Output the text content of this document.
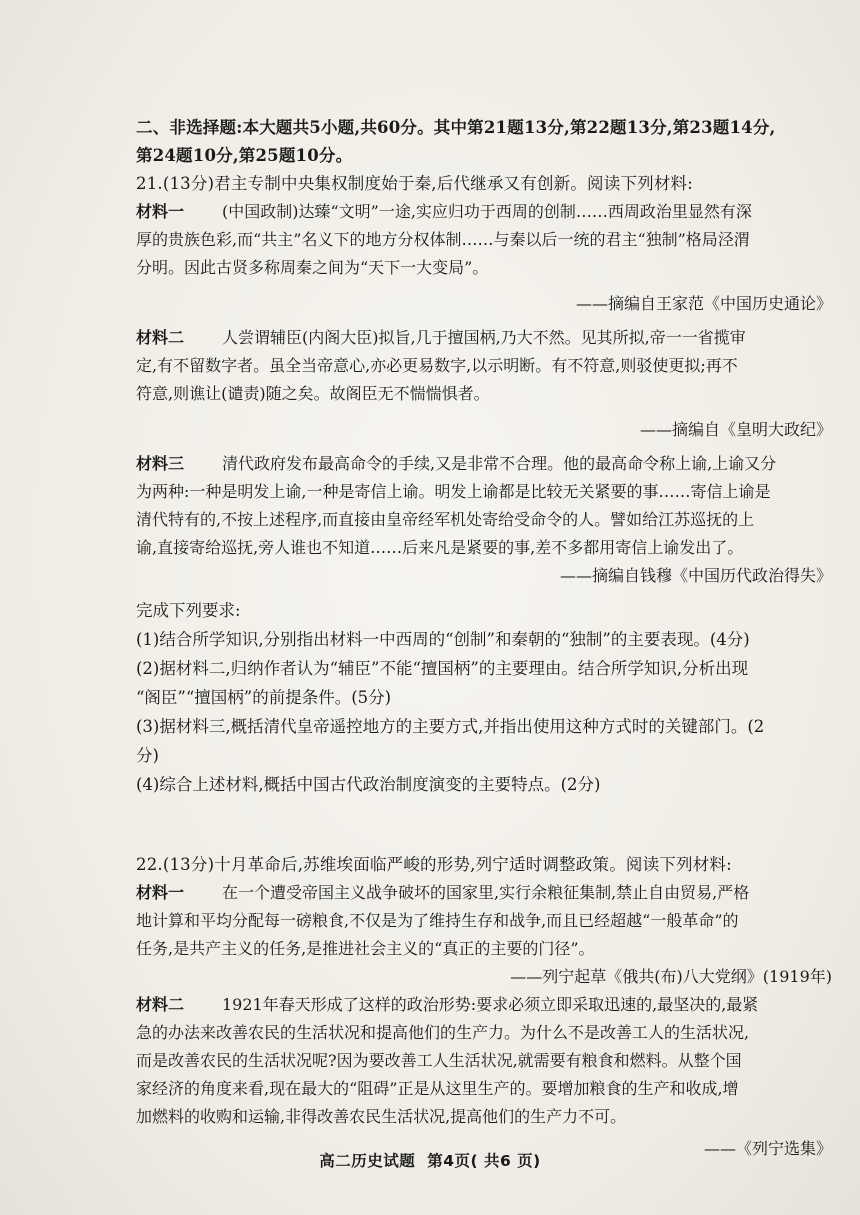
二、非选择题:本大题共5小题,共60分。其中第21题13分,第22题13分,第23题14分,
第24题10分,第25题10分。
21.(13分)君主专制中央集权制度始于秦,后代继承又有创新。阅读下列材料:
材料一 (中国政制)达臻“文明”一途,实应归功于西周的创制……西周政治里显然有深
厚的贵族色彩,而“共主”名义下的地方分权体制……与秦以后一统的君主“独制”格局泾渭
分明。因此古贤多称周秦之间为“天下一大变局”。
——摘编自王家范《中国历史通论》
材料二 人尝谓辅臣(内阁大臣)拟旨,几于擅国柄,乃大不然。见其所拟,帝一一省揽审
定,有不留数字者。虽全当帝意心,亦必更易数字,以示明断。有不符意,则驳使更拟;再不
符意,则谯让(谴责)随之矣。故阁臣无不惴惴惧者。
——摘编自《皇明大政纪》
材料三 清代政府发布最高命令的手续,又是非常不合理。他的最高命令称上谕,上谕又分
为两种:一种是明发上谕,一种是寄信上谕。明发上谕都是比较无关紧要的事……寄信上谕是
清代特有的,不按上述程序,而直接由皇帝经军机处寄给受命令的人。譬如给江苏巡抚的上
谕,直接寄给巡抚,旁人谁也不知道……后来凡是紧要的事,差不多都用寄信上谕发出了。
——摘编自钱穆《中国历代政治得失》
完成下列要求:
(1)结合所学知识,分别指出材料一中西周的“创制”和秦朝的“独制”的主要表现。(4分)
(2)据材料二,归纳作者认为“辅臣”不能“擅国柄”的主要理由。结合所学知识,分析出现
“阁臣”“擅国柄”的前提条件。(5分)
(3)据材料三,概括清代皇帝遥控地方的主要方式,并指出使用这种方式时的关键部门。(2
分)
(4)综合上述材料,概括中国古代政治制度演变的主要特点。(2分)
22.(13分)十月革命后,苏维埃面临严峻的形势,列宁适时调整政策。阅读下列材料:
材料一 在一个遭受帝国主义战争破坏的国家里,实行余粮征集制,禁止自由贸易,严格
地计算和平均分配每一磅粮食,不仅是为了维持生存和战争,而且已经超越“一般革命”的
任务,是共产主义的任务,是推进社会主义的“真正的主要的门径”。
——列宁起草《俄共(布)八大党纲》(1919年)
材料二 1921年春天形成了这样的政治形势:要求必须立即采取迅速的,最坚决的,最紧
急的办法来改善农民的生活状况和提高他们的生产力。为什么不是改善工人的生活状况,
而是改善农民的生活状况呢?因为要改善工人生活状况,就需要有粮食和燃料。从整个国
家经济的角度来看,现在最大的“阻碍”正是从这里生产的。要增加粮食的生产和收成,增
加燃料的收购和运输,非得改善农民生活状况,提高他们的生产力不可。
——《列宁选集》
高二历史试题 第4页( 共6 页)
